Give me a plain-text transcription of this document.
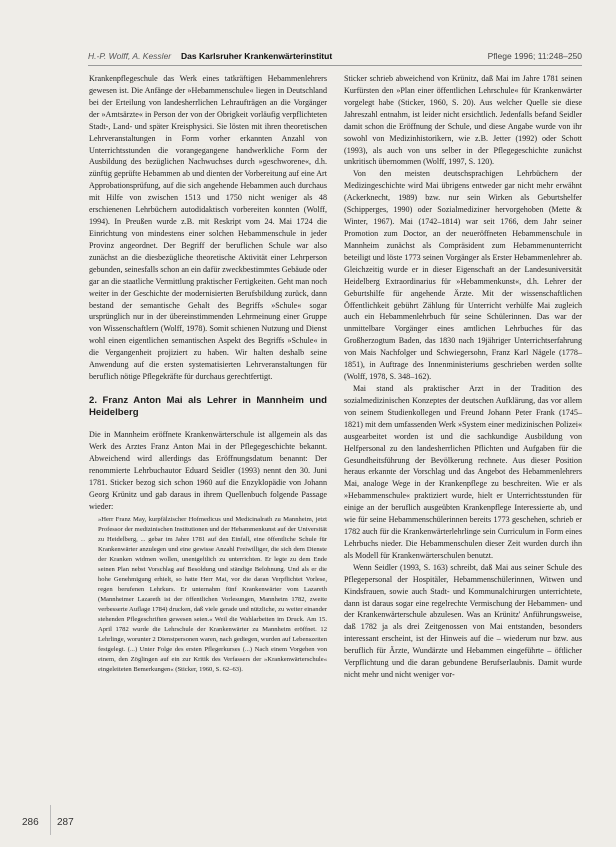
H.-P. Wolff, A. Kessler Das Karlsruher Krankenwärterinstitut	Pflege 1996; 11:248–250

Krankenpflegeschule das Werk eines tatkräftigen Hebammenlehrers gewesen ist. Die Anfänge der »Hebammenschule« liegen in Deutschland bei der Erteilung von landesherrlichen Lehraufträgen an die Vorgänger der »Amtsärzte« in Person der von der Obrigkeit vorläufig verpflichteten Stadt-, Land- und später Kreisphysici. Sie lösten mit ihren theoretischen Lehrveranstaltungen in Form vorher erkannten Anzahl von Unterrichtsstunden die vorangegangene handwerkliche Form der Ausbildung des bezüglichen Nachwuchses durch »geschworene«, d.h. zünftig geprüfte Hebammen ab und dienten der Vorbereitung auf eine Art Approbationsprüfung, auf die sich angehende Hebammen auch durchaus mit Hilfe von zwischen 1513 und 1750 nicht weniger als 48 erschienenen Lehrbüchern autodidaktisch vorbereiten konnten (Wolff, 1994). In Preußen wurde z.B. mit Reskript vom 24. Mai 1724 die Einrichtung von mindestens einer solchen Hebammenschule in jeder Provinz angeordnet. Der Begriff der beruflichen Schule war also zunächst an die diesbezügliche theoretische Aktivität einer Lehrperson gebunden, seinesfalls schon an ein dafür zweckbestimmtes Gebäude oder gar an die staatliche Vermittlung praktischer Fertigkeiten. Geht man noch weiter in der Geschichte der modernisierten Berufsbildung zurück, dann bestand der semantische Gehalt des Begriffs »Schule« sogar ursprünglich nur in der übereinstimmenden Lehrmeinung einer Gruppe von Wissenschaftlern (Wolff, 1978). Somit schienen Nutzung und Dienst wohl einen eigentlichen semantischen Aspekt des Begriffs »Schule« in die Vergangenheit projiziert zu haben. Wir halten deshalb seine Anwendung auf die ersten systematisierten Lehrveranstaltungen für beruflich nötige Pflegekräfte für durchaus gerechtfertigt.

2. Franz Anton Mai als Lehrer in Mannheim und Heidelberg

Die in Mannheim eröffnete Krankenwärterschule ist allgemein als das Werk des Arztes Franz Anton Mai in der Pflegegeschichte bekannt. Abweichend wird allerdings das Eröffnungsdatum benannt: Der renommierte Lehrbuchautor Eduard Seidler (1993) nennt den 30. Juni 1781. Sticker bezog sich schon 1960 auf die Enzyklopädie von Johann Georg Krünitz und gab daraus in ihrem Quellenbuch folgende Passage wieder:

»Herr Franz May, kurpfälzischer Hofmedicus und Medicinalrath zu Mannheim, jetzt Professor der medizinischen Institutionen und der Hebammenkunst auf der Universität zu Heidelberg, ... gebar im Jahre 1781 auf den Einfall, eine öffentliche Schule für Krankenwärter anzulegen und eine gewisse Anzahl Freiwilliger, die sich dem Dienste der Kranken widmen wollen, unentgeltlich zu unterrichten. Er legte zu dem Ende seinen Plan nebst Vorschlag auf Besoldung und ständige Belohnung. Und als er die hohe Genehmigung erhielt, so hatte Herr Mai, vor die daran Verpflichtet Vorlese, regen berufenen Lehrkurs. Er unternahm fünf Krankenwärter vom Lazareth (Mannheimer Lazareth ist der öffentlichen Vorlesungen, Mannheim 1782, zweite verbesserte Auflage 1784) drucken, daß viele gerade und nützliche, zu weiter einander stehenden Pflegeschriften gewesen seien.« Weil die Wahlarbeiten im Druck. Am 15. April 1782 wurde die Lehrschule der Krankenwärter zu Mannheim eröffnet. 12 Lehrlinge, worunter 2 Dienstpersonen waren, nach gediegen, wurden auf Lebenszeiten festgelegt. (...) Unter Folge des ersten Pflegerkurses (...) Nach einem Vorgehen von einem, den Zöglingen auf ein zur Kritik des Verfassers der »Krankenwärterschule« eingeleiteten Bemerkungen« (Sticker, 1960, S. 62–63).

Sticker schrieb abweichend von Krünitz, daß Mai im Jahre 1781 seinen Kurfürsten den »Plan einer öffentlichen Lehrschule« für Krankenwärter vorgelegt habe (Sticker, 1960, S. 20). Aus welcher Quelle sie diese Jahreszahl entnahm, ist leider nicht ersichtlich. Jedenfalls befand Seidler damit schon die Eröffnung der Schule, und diese Angabe wurde von ihr sowohl von Medizinhistorikern, wie z.B. Jetter (1992) oder Schott (1993), als auch von uns selber in der Pflegegeschichte zunächst unkritisch übernommen (Wolff, 1997, S. 120).

Von den meisten deutschsprachigen Lehrbüchern der Medizingeschichte wird Mai übrigens entweder gar nicht mehr erwähnt (Ackerknecht, 1989) bzw. nur sein Wirken als Geburtshelfer (Schipperges, 1990) oder Sozialmediziner hervorgehoben (Mette & Winter, 1967). Mai (1742–1814) war seit 1766, dem Jahr seiner Promotion zum Doctor, an der neueröffneten Hebammenschule in Mannheim zunächst als Compräsident zum Hebammenunterricht beteiligt und löste 1773 seinen Vorgänger als Erster Hebammenlehrer ab. Gleichzeitig wurde er in dieser Eigenschaft an der Landesuniversität Heidelberg Extraordinarius für »Hebammenkunst«, d.h. Lehrer der Geburtshilfe für angehende Ärzte. Mit der wissenschaftlichen Öffentlichkeit gebührt Zählung für Unterricht verhülfe Mai zugleich auch ein Hebammenlehrbuch für seine Schülerinnen. Das war der unmittelbare Vorgänger eines amtlichen Lehrbuches für das Großherzogtum Baden, das 1830 nach 19jähriger Unterrichtserfahrung von Mais Nachfolger und Schwiegersohn, Franz Karl Nägele (1778–1851), in Auftrage des Innenministeriums geschrieben werden sollte (Wolff, 1978, S. 348–162).

Mai stand als praktischer Arzt in der Tradition des sozialmedizinischen Konzeptes der deutschen Aufklärung, das vor allem von seinem Studienkollegen und Freund Johann Peter Frank (1745–1821) mit dem umfassenden Werk »System einer medizinischen Polizei« ausgearbeitet worden ist und die sachkundige Ausbildung von Helfpersonal zu den landesherrlichen Pflichten und Aufgaben für die Gesundheitsführung der Bevölkerung rechnete. Aus dieser Position heraus erkannte der Vorschlag und das Angebot des Hebammenlehrers Mai, analoge Wege in der Krankenpflege zu beschreiten. Wie er als »Hebammenschule« praktiziert wurde, hielt er Unterrichtsstunden für einige an der beruflich ausgeübten Krankenpflege Interessierte ab, und wie für seine Hebammenschülerinnen bereits 1773 geschehen, schrieb er 1782 auch für die Krankenwärterlehrlinge sein Curriculum in Form eines Lehrbuchs nieder. Die Hebammenschulen dieser Zeit wurden durch ihn als Modell für Krankenwärterschulen benutzt.

Wenn Seidler (1993, S. 163) schreibt, daß Mai aus seiner Schule des Pflegepersonal der Hospitäler, Hebammenschülerinnen, Witwen und Kindsfrauen, sowie auch Stadt- und Kommunalchirurgen unterrichtete, dann ist daraus sogar eine regelrechte Vermischung der Hebammen- und der Krankenwärterschule abzulesen. Was an Krünitz' Anführungsweise, daß 1782 ja als drei Zeitgenossen von Mai entstanden, besonders interessant erscheint, ist der Hinweis auf die – wiederum nur bzw. aus beruflich für Ärzte, Wundärzte und Hebammen eingeführte – öftlicher Verpflichtung und die daran gebundene Berufserlaubnis. Damit wurde nicht mehr und nicht weniger vor-

286 287
